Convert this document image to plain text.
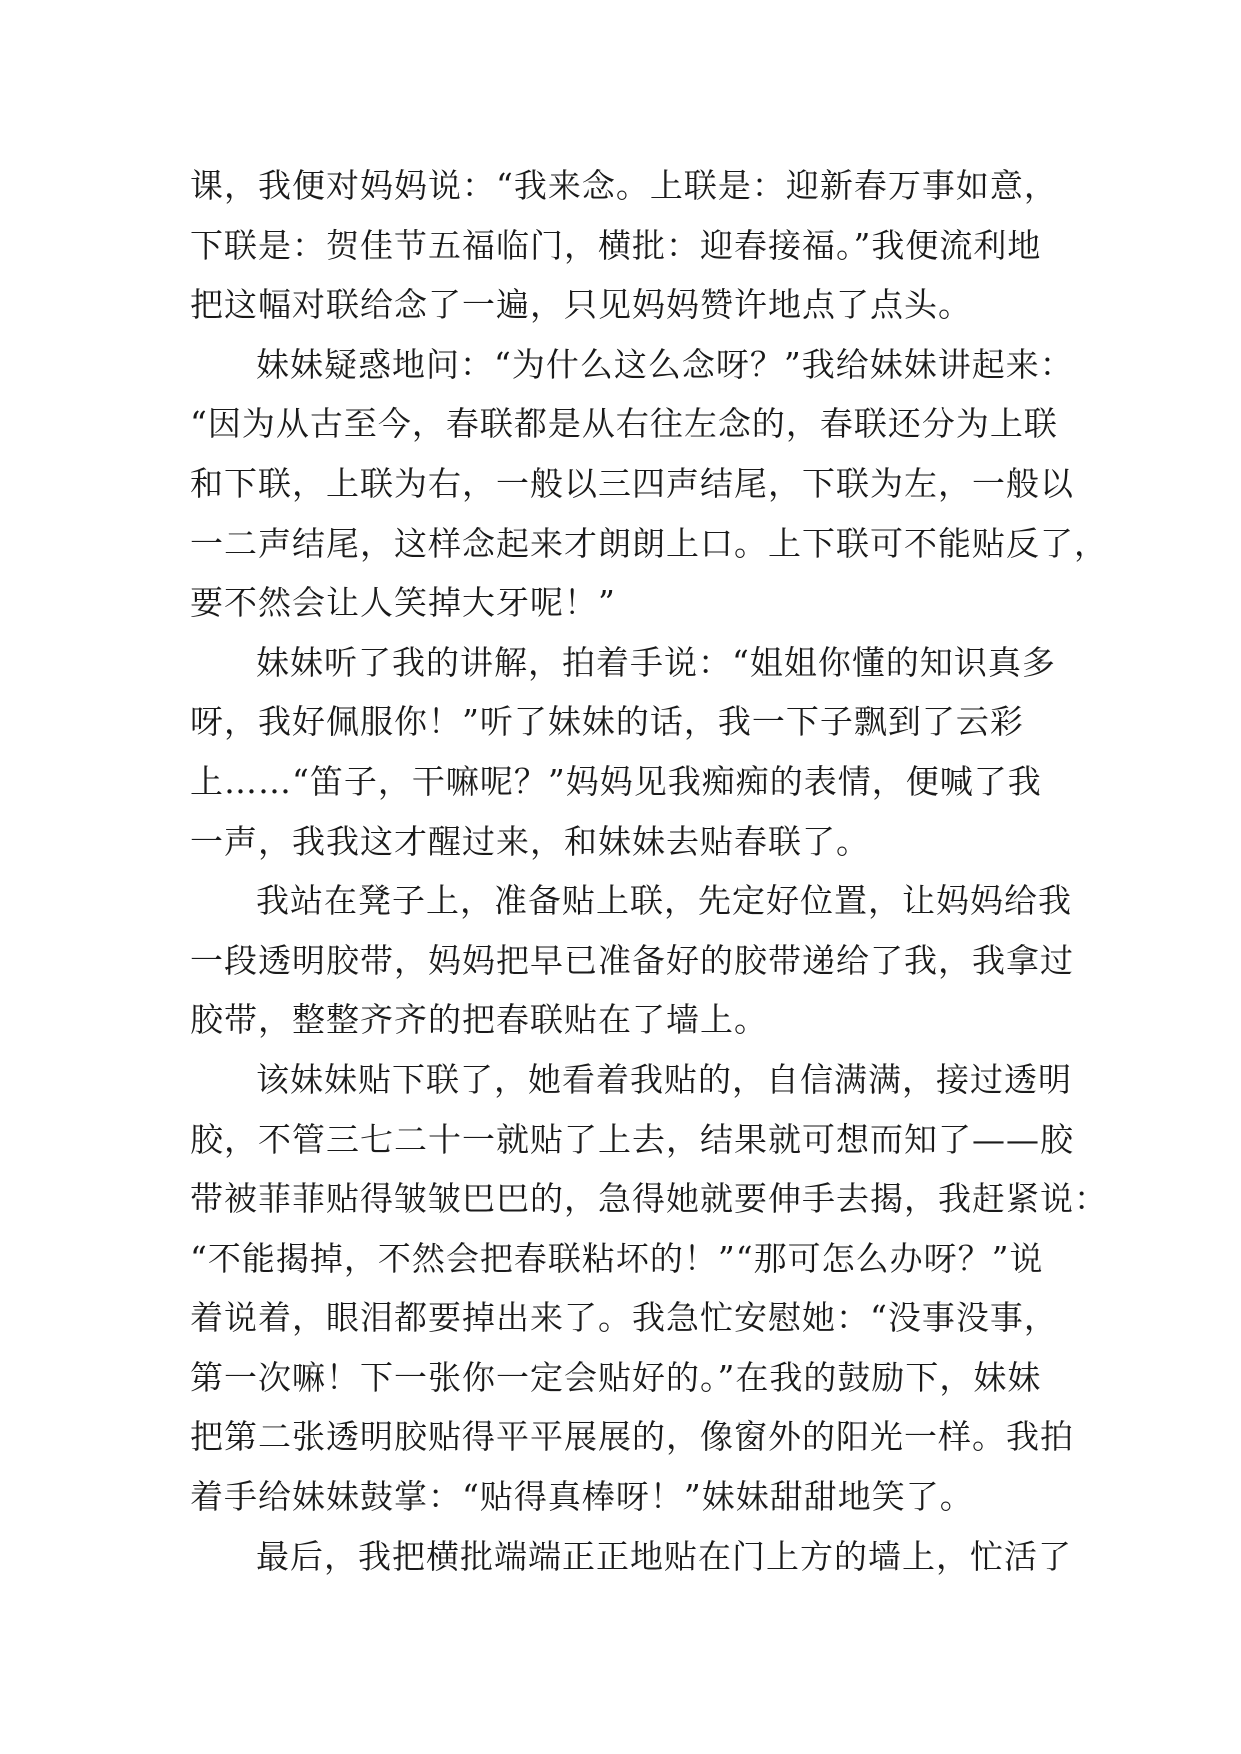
课，我便对妈妈说：“我来念。上联是：迎新春万事如意，
下联是：贺佳节五福临门，横批：迎春接福。”我便流利地
把这幅对联给念了一遍，只见妈妈赞许地点了点头。
妹妹疑惑地问：“为什么这么念呀？”我给妹妹讲起来：
“因为从古至今，春联都是从右往左念的，春联还分为上联
和下联，上联为右，一般以三四声结尾，下联为左，一般以
一二声结尾，这样念起来才朗朗上口。上下联可不能贴反了，
要不然会让人笑掉大牙呢！”
妹妹听了我的讲解，拍着手说：“姐姐你懂的知识真多
呀，我好佩服你！”听了妹妹的话，我一下子飘到了云彩
上……“笛子，干嘛呢？”妈妈见我痴痴的表情，便喊了我
一声，我我这才醒过来，和妹妹去贴春联了。
我站在凳子上，准备贴上联，先定好位置，让妈妈给我
一段透明胶带，妈妈把早已准备好的胶带递给了我，我拿过
胶带，整整齐齐的把春联贴在了墙上。
该妹妹贴下联了，她看着我贴的，自信满满，接过透明
胶，不管三七二十一就贴了上去，结果就可想而知了——胶
带被菲菲贴得皱皱巴巴的，急得她就要伸手去揭，我赶紧说：
“不能揭掉，不然会把春联粘坏的！”“那可怎么办呀？”说
着说着，眼泪都要掉出来了。我急忙安慰她：“没事没事，
第一次嘛！下一张你一定会贴好的。”在我的鼓励下，妹妹
把第二张透明胶贴得平平展展的，像窗外的阳光一样。我拍
着手给妹妹鼓掌：“贴得真棒呀！”妹妹甜甜地笑了。
最后，我把横批端端正正地贴在门上方的墙上，忙活了
